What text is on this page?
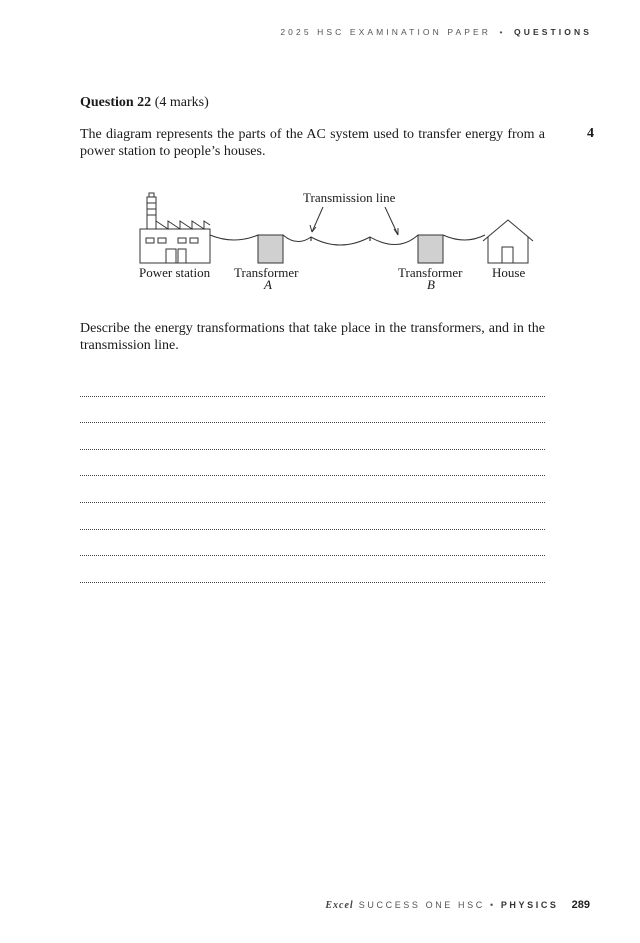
2025 HSC EXAMINATION PAPER • QUESTIONS
Question 22 (4 marks)
4
The diagram represents the parts of the AC system used to transfer energy from a power station to people’s houses.
Transmission line
Power station Transformer
A
Transformer
B
House
Describe the energy transformations that take place in the transformers, and in the transmission line.
Excel SUCCESS ONE HSC • PHYSICS 289
